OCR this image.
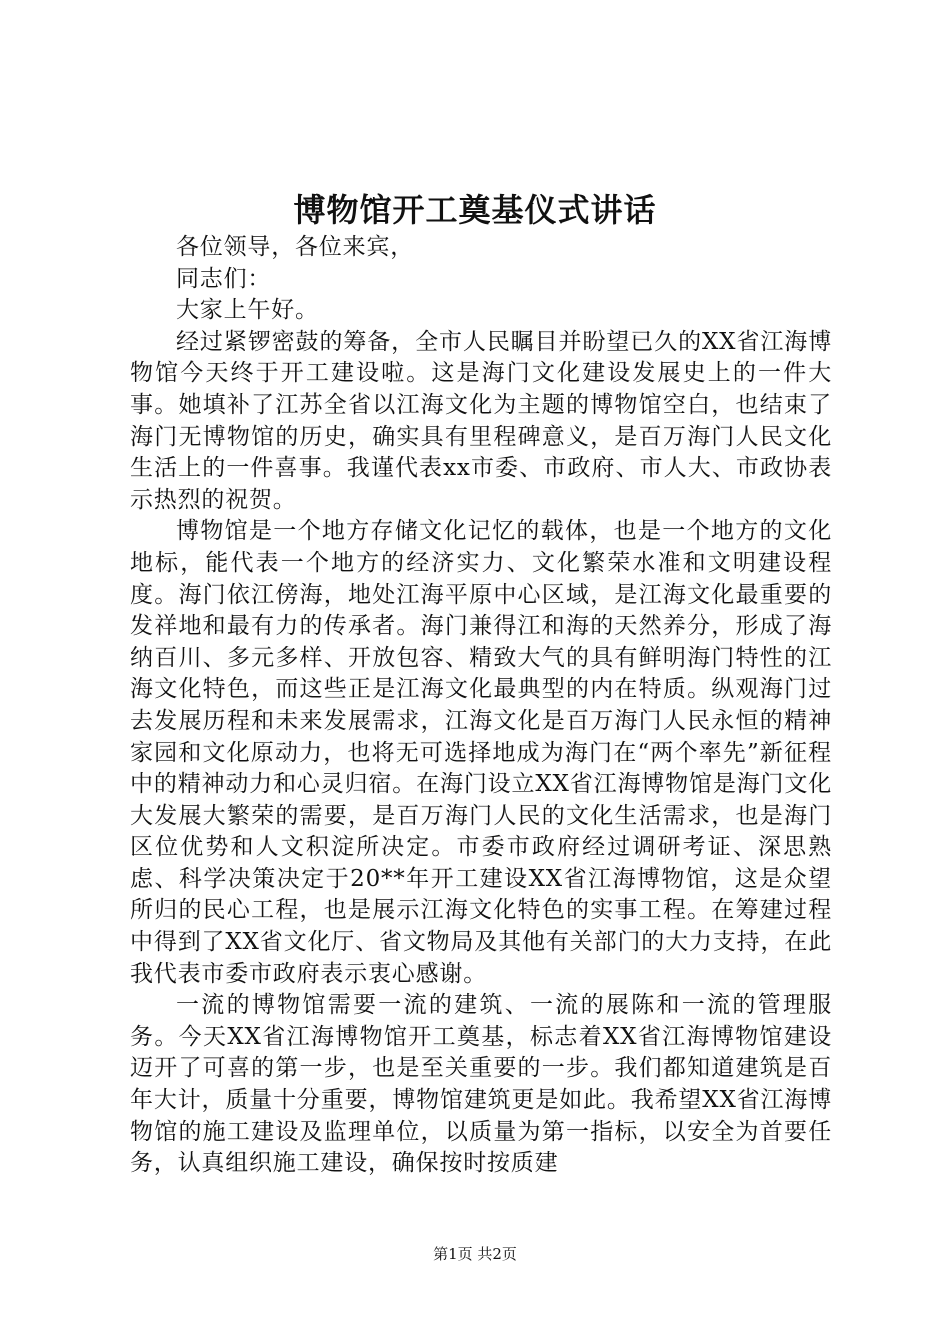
博物馆开工奠基仪式讲话

各位领导，各位来宾，

同志们：

大家上午好。

经过紧锣密鼓的筹备，全市人民瞩目并盼望已久的XX省江海博物馆今天终于开工建设啦。这是海门文化建设发展史上的一件大事。她填补了江苏全省以江海文化为主题的博物馆空白，也结束了海门无博物馆的历史，确实具有里程碑意义，是百万海门人民文化生活上的一件喜事。我谨代表xx市委、市政府、市人大、市政协表示热烈的祝贺。

博物馆是一个地方存储文化记忆的载体，也是一个地方的文化地标，能代表一个地方的经济实力、文化繁荣水准和文明建设程度。海门依江傍海，地处江海平原中心区域，是江海文化最重要的发祥地和最有力的传承者。海门兼得江和海的天然养分，形成了海纳百川、多元多样、开放包容、精致大气的具有鲜明海门特性的江海文化特色，而这些正是江海文化最典型的内在特质。纵观海门过去发展历程和未来发展需求，江海文化是百万海门人民永恒的精神家园和文化原动力，也将无可选择地成为海门在“两个率先”新征程中的精神动力和心灵归宿。在海门设立XX省江海博物馆是海门文化大发展大繁荣的需要，是百万海门人民的文化生活需求，也是海门区位优势和人文积淀所决定。市委市政府经过调研考证、深思熟虑、科学决策决定于20**年开工建设XX省江海博物馆，这是众望所归的民心工程，也是展示江海文化特色的实事工程。在筹建过程中得到了XX省文化厅、省文物局及其他有关部门的大力支持，在此我代表市委市政府表示衷心感谢。

一流的博物馆需要一流的建筑、一流的展陈和一流的管理服务。今天XX省江海博物馆开工奠基，标志着XX省江海博物馆建设迈开了可喜的第一步，也是至关重要的一步。我们都知道建筑是百年大计，质量十分重要，博物馆建筑更是如此。我希望XX省江海博物馆的施工建设及监理单位，以质量为第一指标，以安全为首要任务，认真组织施工建设，确保按时按质建

第1页 共2页
